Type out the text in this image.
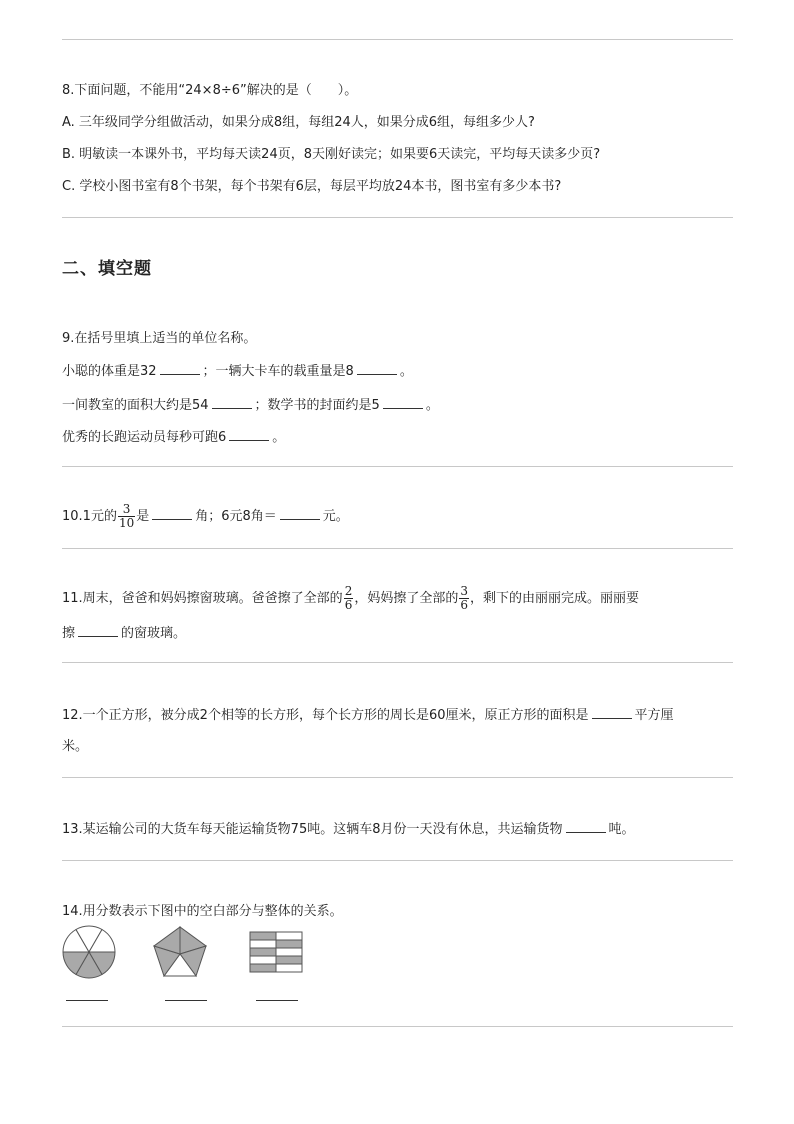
8.下面问题，不能用“24×8÷6”解决的是（　　）。
A. 三年级同学分组做活动，如果分成8组，每组24人，如果分成6组，每组多少人?
B. 明敏读一本课外书，平均每天读24页，8天刚好读完；如果要6天读完，平均每天读多少页?
C. 学校小图书室有8个书架，每个书架有6层，每层平均放24本书，图书室有多少本书?
二、填空题
9.在括号里填上适当的单位名称。
小聪的体重是32	；一辆大卡车的载重量是8	。
一间教室的面积大约是54	；数学书的封面约是5	。
优秀的长跑运动员每秒可跑6	。
10.1元的 $\frac{3}{10}$ 是	角；6元8角＝	元。
11.周末，爸爸和妈妈擦窗玻璃。爸爸擦了全部的 $\frac{2}{6}$ ，妈妈擦了全部的 $\frac{3}{6}$ ，剩下的由丽丽完成。丽丽要
擦	的窗玻璃。
12.一个正方形，被分成2个相等的长方形，每个长方形的周长是60厘米，原正方形的面积是	平方厘
米。
13.某运输公司的大货车每天能运输货物75吨。这辆车8月份一天没有休息，共运输货物	吨。
14.用分数表示下图中的空白部分与整体的关系。
